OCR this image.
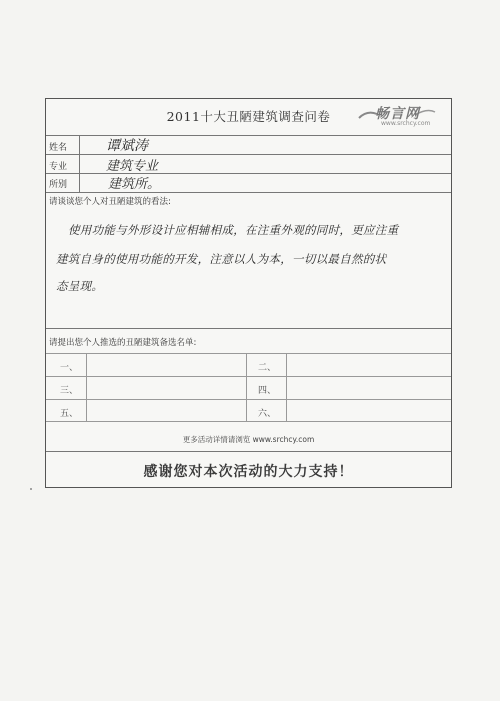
2011十大丑陋建筑调查问卷	畅言网
www.srchcy.com
姓名	谭斌涛
专业	建筑专业
所别	建筑所。
请谈谈您个人对丑陋建筑的看法:
使用功能与外形设计应相辅相成，在注重外观的同时，更应注重
建筑自身的使用功能的开发，注意以人为本，一切以最自然的状
态呈现。
请提出您个人推选的丑陋建筑备选名单:
一、	二、
三、	四、
五、	六、
更多活动详情请浏览 www.srchcy.com
感谢您对本次活动的大力支持！
